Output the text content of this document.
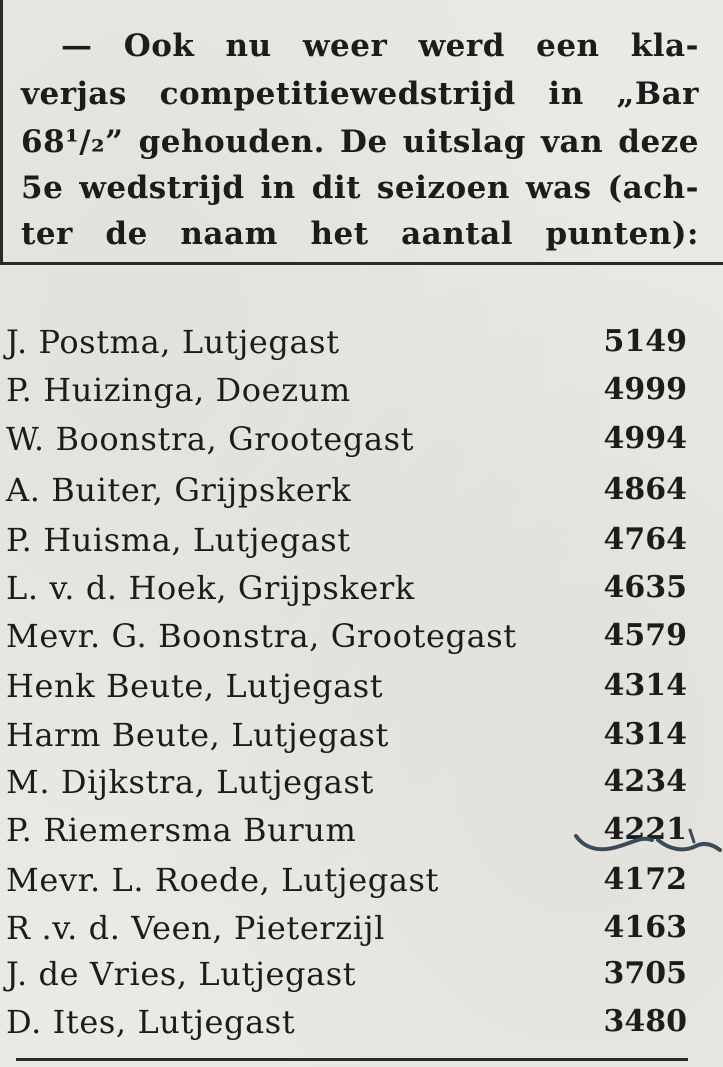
— Ook nu weer werd een kla-
verjas competitiewedstrijd in „Bar
68¹/₂” gehouden. De uitslag van deze
5e wedstrijd in dit seizoen was (ach-
ter de naam het aantal punten):
J. Postma, Lutjegast	5149
P. Huizinga, Doezum	4999
W. Boonstra, Grootegast	4994
A. Buiter, Grijpskerk	4864
P. Huisma, Lutjegast	4764
L. v. d. Hoek, Grijpskerk	4635
Mevr. G. Boonstra, Grootegast	4579
Henk Beute, Lutjegast	4314
Harm Beute, Lutjegast	4314
M. Dijkstra, Lutjegast	4234
P. Riemersma Burum	4221
Mevr. L. Roede, Lutjegast	4172
R .v. d. Veen, Pieterzijl	4163
J. de Vries, Lutjegast	3705
D. Ites, Lutjegast	3480
